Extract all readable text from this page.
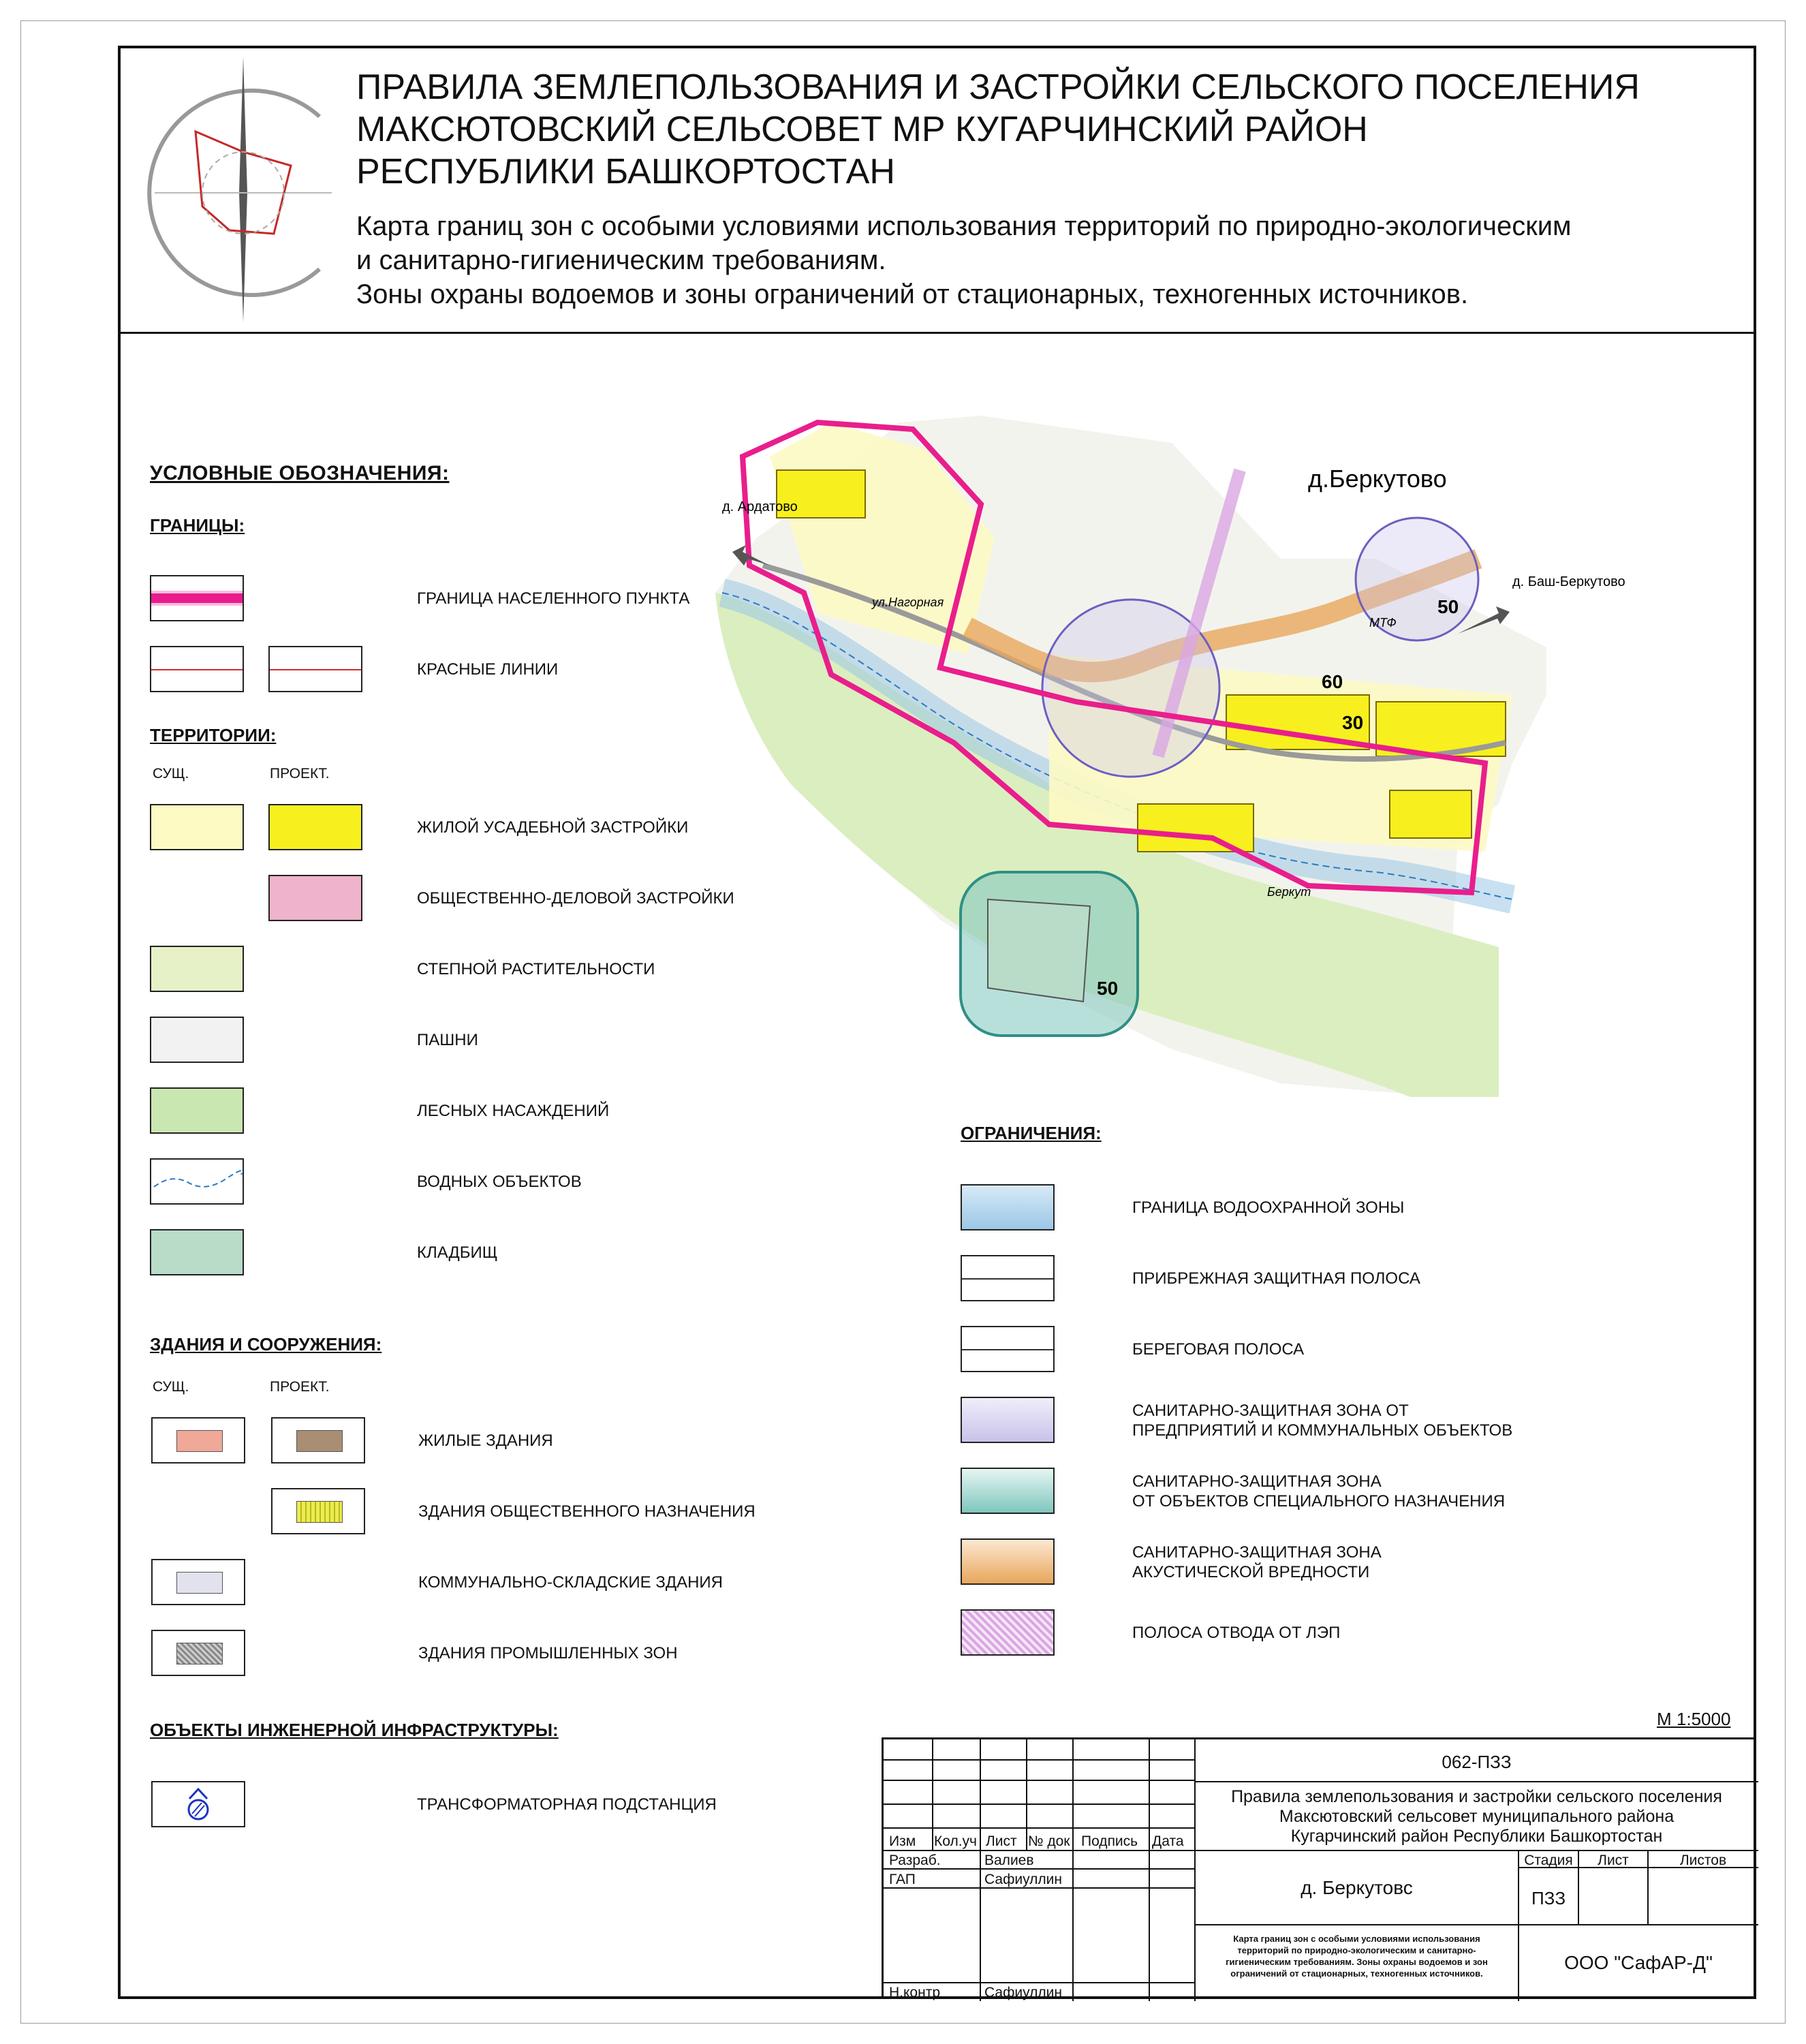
ПРАВИЛА ЗЕМЛЕПОЛЬЗОВАНИЯ И ЗАСТРОЙКИ СЕЛЬСКОГО ПОСЕЛЕНИЯ
МАКСЮТОВСКИЙ СЕЛЬСОВЕТ МР КУГАРЧИНСКИЙ РАЙОН
РЕСПУБЛИКИ БАШКОРТОСТАН

Карта границ зон с особыми условиями использования территорий по природно-экологическим
и санитарно-гигиеническим требованиям.
Зоны охраны водоемов и зоны ограничений от стационарных, техногенных источников.

УСЛОВНЫЕ ОБОЗНАЧЕНИЯ:
ГРАНИЦЫ:
ГРАНИЦА НАСЕЛЕННОГО ПУНКТА
КРАСНЫЕ ЛИНИИ
ТЕРРИТОРИИ:
СУЩ.	ПРОЕКТ.
ЖИЛОЙ УСАДЕБНОЙ ЗАСТРОЙКИ
ОБЩЕСТВЕННО-ДЕЛОВОЙ ЗАСТРОЙКИ
СТЕПНОЙ РАСТИТЕЛЬНОСТИ
ПАШНИ
ЛЕСНЫХ НАСАЖДЕНИЙ
ВОДНЫХ ОБЪЕКТОВ
КЛАДБИЩ
ЗДАНИЯ И СООРУЖЕНИЯ:
СУЩ.	ПРОЕКТ.
ЖИЛЫЕ ЗДАНИЯ
ЗДАНИЯ ОБЩЕСТВЕННОГО НАЗНАЧЕНИЯ
КОММУНАЛЬНО-СКЛАДСКИЕ ЗДАНИЯ
ЗДАНИЯ ПРОМЫШЛЕННЫХ ЗОН
ОБЪЕКТЫ ИНЖЕНЕРНОЙ ИНФРАСТРУКТУРЫ:
ТРАНСФОРМАТОРНАЯ ПОДСТАНЦИЯ
д.Беркутово
д. Ардатово
д. Баш-Беркутово
50
60
30
50
МТФ
ул.Нагорная
Беркут
ОГРАНИЧЕНИЯ:
ГРАНИЦА ВОДООХРАННОЙ ЗОНЫ
ПРИБРЕЖНАЯ ЗАЩИТНАЯ ПОЛОСА
БЕРЕГОВАЯ ПОЛОСА
САНИТАРНО-ЗАЩИТНАЯ ЗОНА ОТ
ПРЕДПРИЯТИЙ И КОММУНАЛЬНЫХ ОБЪЕКТОВ
САНИТАРНО-ЗАЩИТНАЯ ЗОНА
ОТ ОБЪЕКТОВ СПЕЦИАЛЬНОГО НАЗНАЧЕНИЯ
САНИТАРНО-ЗАЩИТНАЯ ЗОНА
АКУСТИЧЕСКОЙ ВРЕДНОСТИ
ПОЛОСА ОТВОДА ОТ ЛЭП
М 1:5000
Изм Кол.уч Лист № док Подпись Дата
Разраб.	Валиев
ГАП	Сафиуллин
Н.контр	Сафиуллин
062-ПЗЗ
Правила землепользования и застройки сельского поселения
Максютовский сельсовет муниципального района
Кугарчинский район Республики Башкортостан
д. Беркутовс
Стадия	Лист	Листов
ПЗЗ
Карта границ зон с особыми условиями использования
территорий по природно-экологическим и санитарно-
гигиеническим требованиям. Зоны охраны водоемов и зон
ограничений от стационарных, техногенных источников.
ООО "СафАР-Д"
